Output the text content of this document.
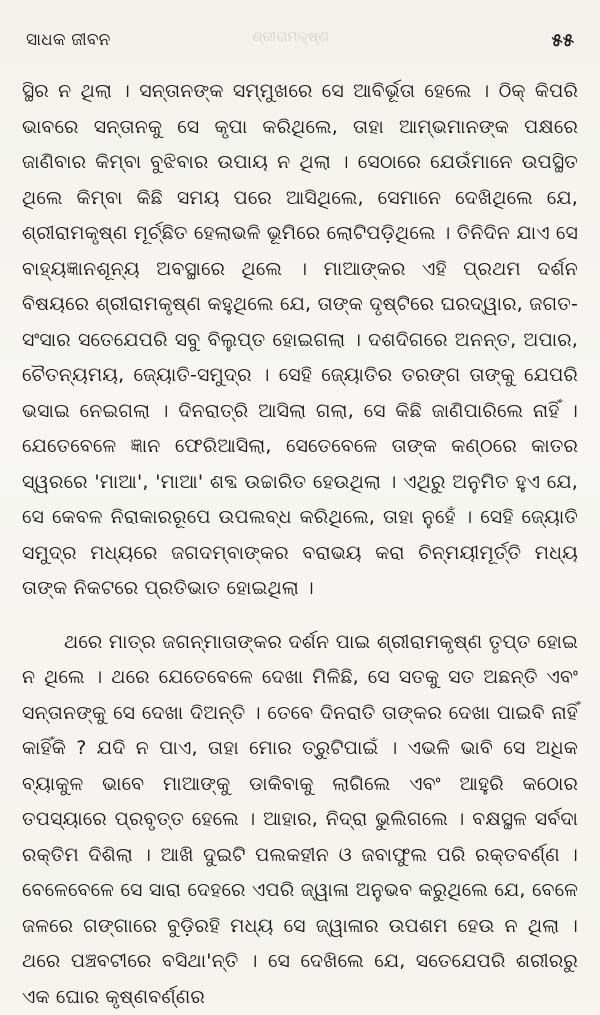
ସାଧକ ଜୀବନ	ଶ୍ରୀରାମକୃଷ୍ଣ	୫୫

ସ୍ଥିର ନ ଥିଲା । ସନ୍ତାନଙ୍କ ସମ୍ମୁଖରେ ସେ ଆବିର୍ଭୂତା ହେଲେ । ଠିକ୍ କିପରି ଭାବରେ ସନ୍ତାନକୁ ସେ କୃପା କରିଥିଲେ, ତାହା ଆମ୍ଭମାନଙ୍କ ପକ୍ଷରେ ଜାଣିବାର କିମ୍ବା ବୁଝିବାର ଉପାୟ ନ ଥିଲା । ସେଠାରେ ଯେଉଁମାନେ ଉପସ୍ଥିତ ଥିଲେ କିମ୍ବା କିଛି ସମୟ ପରେ ଆସିଥିଲେ, ସେମାନେ ଦେଖିଥିଲେ ଯେ, ଶ୍ରୀରାମକୃଷ୍ଣ ମୂର୍ଚ୍ଛିତ ହେଲାଭଳି ଭୂମିରେ ଲୋଟିପଡ଼ିଥିଲେ । ତିନିଦିନ ଯାଏ ସେ ବାହ୍ୟଜ୍ଞାନଶୂନ୍ୟ ଅବସ୍ଥାରେ ଥିଲେ । ମାଆଙ୍କର ଏହି ପ୍ରଥମ ଦର୍ଶନ ବିଷୟରେ ଶ୍ରୀରାମକୃଷ୍ଣ କହୁଥିଲେ ଯେ, ତାଙ୍କ ଦୃଷ୍ଟିରେ ଘରଦ୍ୱାର, ଜଗତ-ସଂସାର ସତେଯେପରି ସବୁ ବିଲୁପ୍ତ ହୋଇଗଲା । ଦଶଦିଗରେ ଅନନ୍ତ, ଅପାର, ଚୈତନ୍ୟମୟ, ଜ୍ୟୋତି-ସମୁଦ୍ର । ସେହି ଜ୍ୟୋତିର ତରଙ୍ଗ ତାଙ୍କୁ ଯେପରି ଭସାଇ ନେଇଗଲା । ଦିନରାତ୍ରି ଆସିଲା ଗଲା, ସେ କିଛି ଜାଣିପାରିଲେ ନାହିଁ । ଯେତେବେଳେ ଜ୍ଞାନ ଫେରିଆସିଲା, ସେତେବେଳେ ତାଙ୍କ କଣ୍ଠରେ କାତର ସ୍ୱରରେ 'ମାଆ', 'ମାଆ' ଶବ୍ଦ ଉଚ୍ଚାରିତ ହେଉଥିଲା । ଏଥିରୁ ଅନୁମିତ ହୁଏ ଯେ, ସେ କେବଳ ନିରାକାରରୂପେ ଉପଲବ୍ଧ କରିଥିଲେ, ତାହା ନୁହେଁ । ସେହି ଜ୍ୟୋତି ସମୁଦ୍ର ମଧ୍ୟରେ ଜଗଦମ୍ବାଙ୍କର ବରାଭୟ କରା ଚିନ୍ମୟୀମୂର୍ତ୍ତି ମଧ୍ୟ ତାଙ୍କ ନିକଟରେ ପ୍ରତିଭାତ ହୋଇଥିଲା ।

ଥରେ ମାତ୍ର ଜଗନ୍ମାତାଙ୍କର ଦର୍ଶନ ପାଇ ଶ୍ରୀରାମକୃଷ୍ଣ ତୃପ୍ତ ହୋଇ ନ ଥିଲେ । ଥରେ ଯେତେବେଳେ ଦେଖା ମିଳିଛି, ସେ ସତକୁ ସତ ଅଛନ୍ତି ଏବଂ ସନ୍ତାନଙ୍କୁ ସେ ଦେଖା ଦିଅନ୍ତି । ତେବେ ଦିନରାତି ତାଙ୍କର ଦେଖା ପାଇବି ନାହିଁ କାହିଁକି ? ଯଦି ନ ପାଏ, ତାହା ମୋର ତ୍ରୁଟିପାଇଁ । ଏଭଳି ଭାବି ସେ ଅଧିକ ବ୍ୟାକୁଳ ଭାବେ ମାଆଙ୍କୁ ଡାକିବାକୁ ଲାଗିଲେ ଏବଂ ଆହୁରି କଠୋର ତପସ୍ୟାରେ ପ୍ରବୃତ୍ତ ହେଲେ । ଆହାର, ନିଦ୍ରା ଭୁଲିଗଲେ । ବକ୍ଷସ୍ଥଳ ସର୍ବଦା ରକ୍ତିମ ଦିଶିଲା । ଆଖି ଦୁଇଟି ପଲକହୀନ ଓ ଜବାଫୁଲ ପରି ରକ୍ତବର୍ଣ୍ଣ । ବେଳେବେଳେ ସେ ସାରା ଦେହରେ ଏପରି ଜ୍ୱାଳା ଅନୁଭବ କରୁଥିଲେ ଯେ, ବେଳେ ଜଳରେ ଗଙ୍ଗାରେ ବୁଡ଼ିରହି ମଧ୍ୟ ସେ ଜ୍ୱାଳାର ଉପଶମ ହେଉ ନ ଥିଲା । ଥରେ ପଞ୍ଚବଟୀରେ ବସିଥା'ନ୍ତି । ସେ ଦେଖିଲେ ଯେ, ସତେଯେପରି ଶରୀରରୁ ଏକ ଘୋର କୃଷ୍ଣବର୍ଣ୍ଣର
